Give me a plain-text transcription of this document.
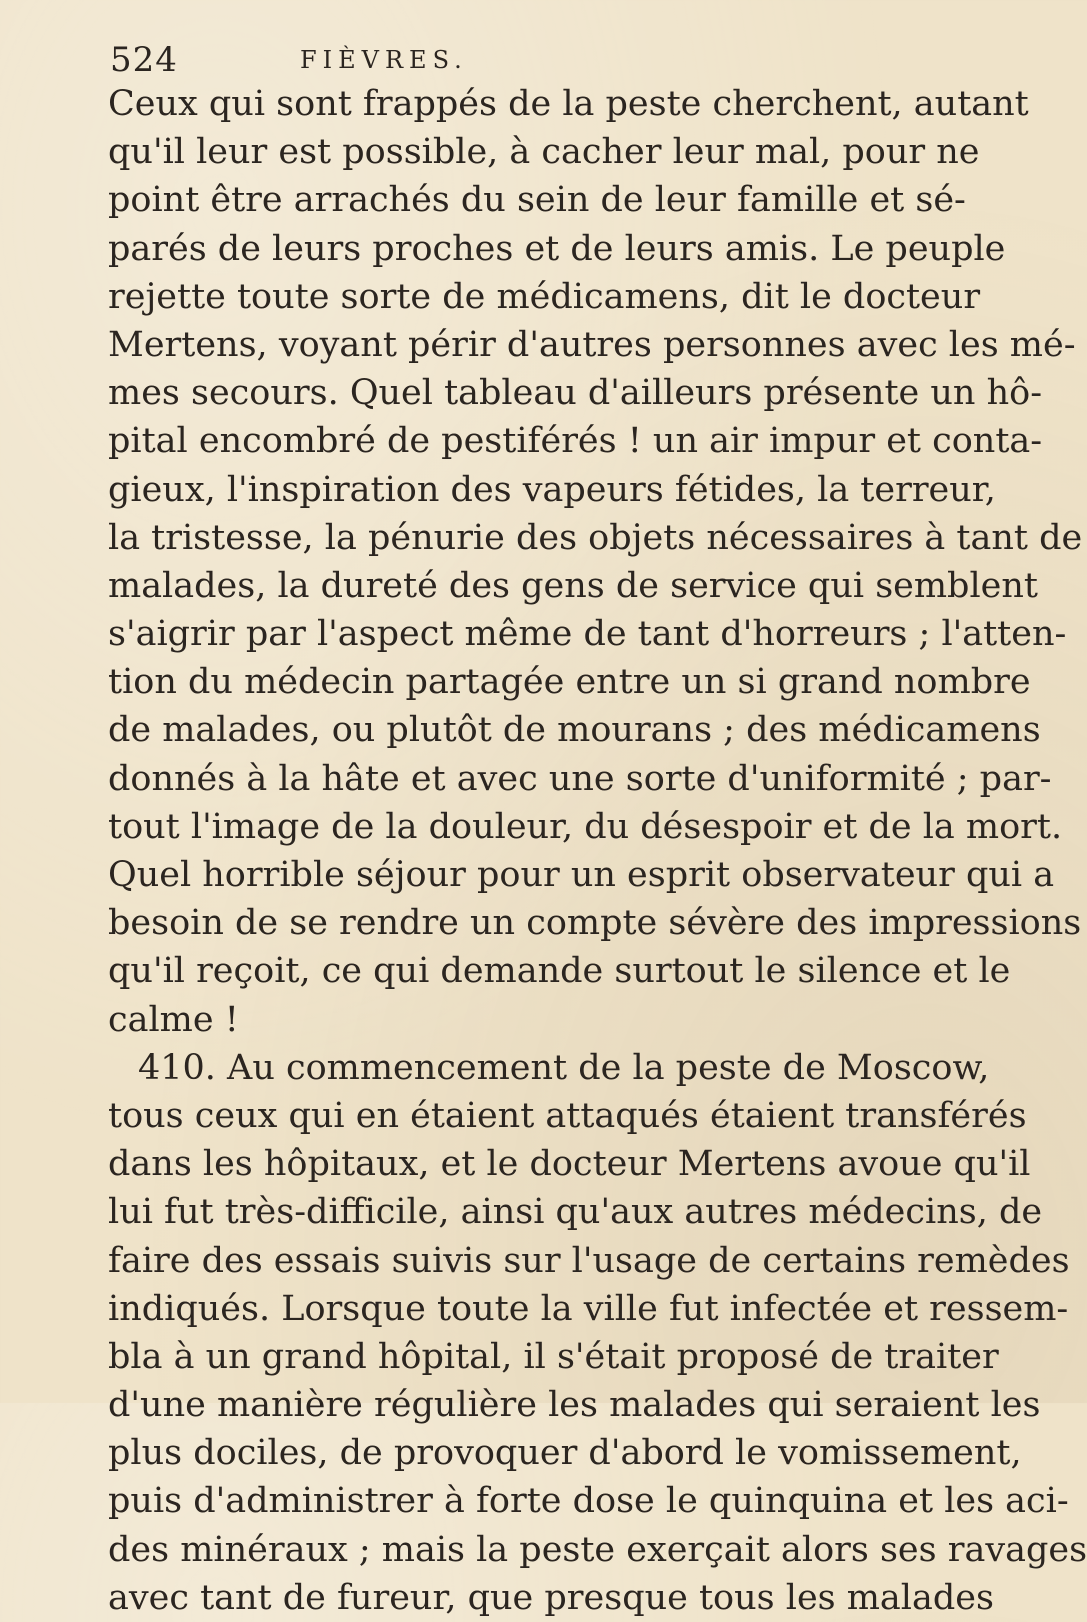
524	FIÈVRES.
Ceux qui sont frappés de la peste cherchent, autant
qu'il leur est possible, à cacher leur mal, pour ne
point être arrachés du sein de leur famille et sé-
parés de leurs proches et de leurs amis. Le peuple
rejette toute sorte de médicamens, dit le docteur
Mertens, voyant périr d'autres personnes avec les mé-
mes secours. Quel tableau d'ailleurs présente un hô-
pital encombré de pestiférés ! un air impur et conta-
gieux, l'inspiration des vapeurs fétides, la terreur,
la tristesse, la pénurie des objets nécessaires à tant de
malades, la dureté des gens de service qui semblent
s'aigrir par l'aspect même de tant d'horreurs ; l'atten-
tion du médecin partagée entre un si grand nombre
de malades, ou plutôt de mourans ; des médicamens
donnés à la hâte et avec une sorte d'uniformité ; par-
tout l'image de la douleur, du désespoir et de la mort.
Quel horrible séjour pour un esprit observateur qui a
besoin de se rendre un compte sévère des impressions
qu'il reçoit, ce qui demande surtout le silence et le
calme !
410. Au commencement de la peste de Moscow,
tous ceux qui en étaient attaqués étaient transférés
dans les hôpitaux, et le docteur Mertens avoue qu'il
lui fut très-difficile, ainsi qu'aux autres médecins, de
faire des essais suivis sur l'usage de certains remèdes
indiqués. Lorsque toute la ville fut infectée et ressem-
bla à un grand hôpital, il s'était proposé de traiter
d'une manière régulière les malades qui seraient les
plus dociles, de provoquer d'abord le vomissement,
puis d'administrer à forte dose le quinquina et les aci-
des minéraux ; mais la peste exerçait alors ses ravages
avec tant de fureur, que presque tous les malades
